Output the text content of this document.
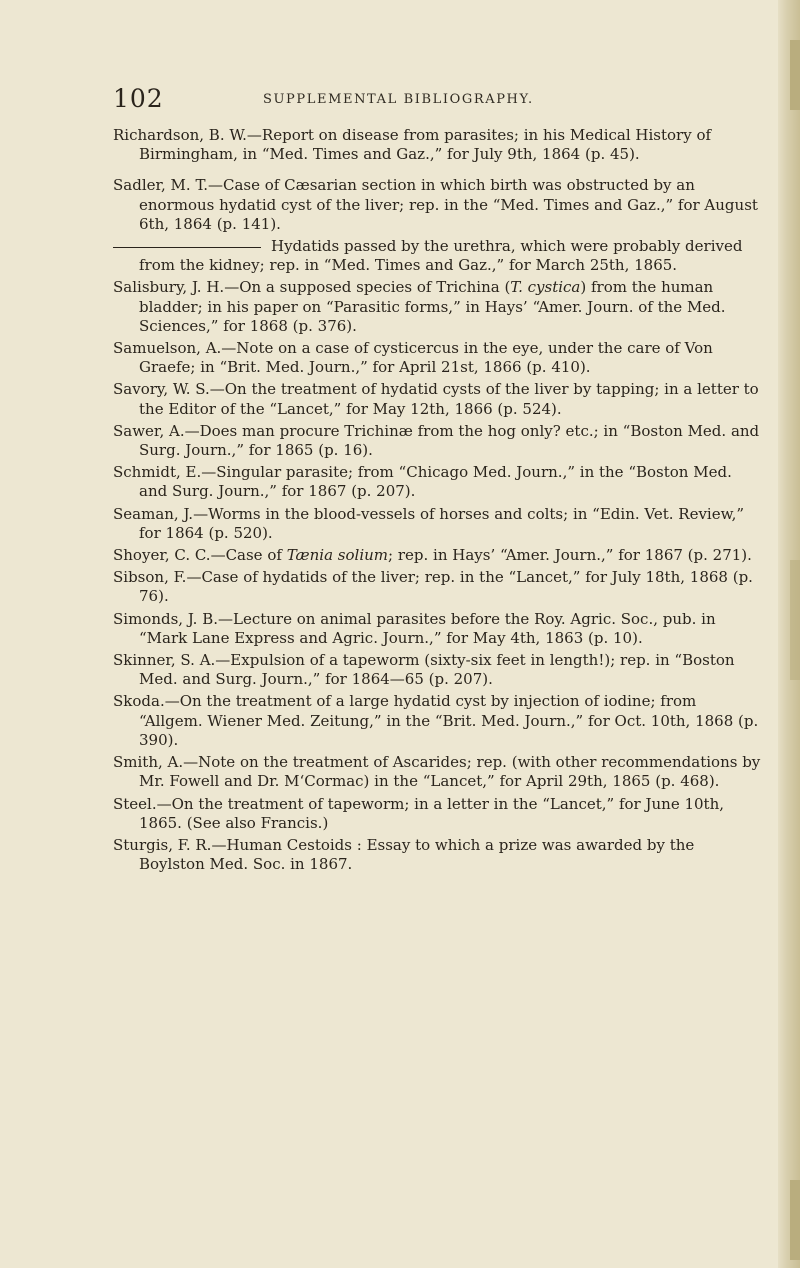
102	SUPPLEMENTAL BIBLIOGRAPHY.

Richardson, B. W.—Report on disease from parasites; in his Medical History of Birmingham, in “Med. Times and Gaz.,” for July 9th, 1864 (p. 45).

Sadler, M. T.—Case of Cæsarian section in which birth was obstructed by an enormous hydatid cyst of the liver; rep. in the “Med. Times and Gaz.,” for August 6th, 1864 (p. 141).

Hydatids passed by the urethra, which were probably derived from the kidney; rep. in “Med. Times and Gaz.,” for March 25th, 1865.

Salisbury, J. H.—On a supposed species of Trichina (T. cystica) from the human bladder; in his paper on “Parasitic forms,” in Hays’ “Amer. Journ. of the Med. Sciences,” for 1868 (p. 376).

Samuelson, A.—Note on a case of cysticercus in the eye, under the care of Von Graefe; in “Brit. Med. Journ.,” for April 21st, 1866 (p. 410).

Savory, W. S.—On the treatment of hydatid cysts of the liver by tapping; in a letter to the Editor of the “Lancet,” for May 12th, 1866 (p. 524).

Sawer, A.—Does man procure Trichinæ from the hog only? etc.; in “Boston Med. and Surg. Journ.,” for 1865 (p. 16).

Schmidt, E.—Singular parasite; from “Chicago Med. Journ.,” in the “Boston Med. and Surg. Journ.,” for 1867 (p. 207).

Seaman, J.—Worms in the blood-vessels of horses and colts; in “Edin. Vet. Review,” for 1864 (p. 520).

Shoyer, C. C.—Case of Tænia solium; rep. in Hays’ “Amer. Journ.,” for 1867 (p. 271).

Sibson, F.—Case of hydatids of the liver; rep. in the “Lancet,” for July 18th, 1868 (p. 76).

Simonds, J. B.—Lecture on animal parasites before the Roy. Agric. Soc., pub. in “Mark Lane Express and Agric. Journ.,” for May 4th, 1863 (p. 10).

Skinner, S. A.—Expulsion of a tapeworm (sixty-six feet in length!); rep. in “Boston Med. and Surg. Journ.,” for 1864—65 (p. 207).

Skoda.—On the treatment of a large hydatid cyst by injection of iodine; from “Allgem. Wiener Med. Zeitung,” in the “Brit. Med. Journ.,” for Oct. 10th, 1868 (p. 390).

Smith, A.—Note on the treatment of Ascarides; rep. (with other recommendations by Mr. Fowell and Dr. M‘Cormac) in the “Lancet,” for April 29th, 1865 (p. 468).

Steel.—On the treatment of tapeworm; in a letter in the “Lancet,” for June 10th, 1865. (See also Francis.)

Sturgis, F. R.—Human Cestoids : Essay to which a prize was awarded by the Boylston Med. Soc. in 1867.
